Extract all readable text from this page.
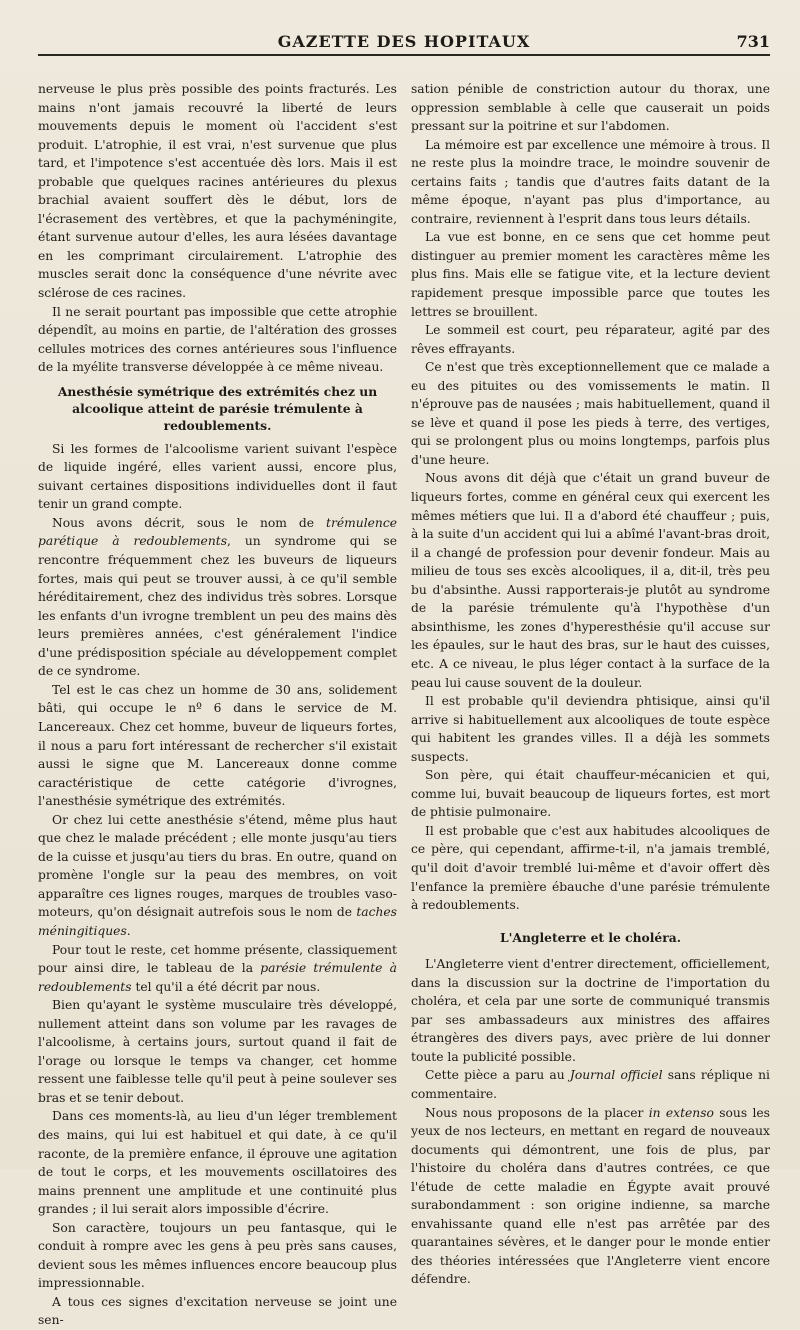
GAZETTE DES HOPITAUX	731

nerveuse le plus près possible des points fracturés. Les mains n'ont jamais recouvré la liberté de leurs mouvements depuis le moment où l'accident s'est produit. L'atrophie, il est vrai, n'est survenue que plus tard, et l'impotence s'est accentuée dès lors. Mais il est probable que quelques racines antérieures du plexus brachial avaient souffert dès le début, lors de l'écrasement des vertèbres, et que la pachyméningite, étant survenue autour d'elles, les aura lésées davantage en les comprimant circulairement. L'atrophie des muscles serait donc la conséquence d'une névrite avec sclérose de ces racines.

Il ne serait pourtant pas impossible que cette atrophie dépendît, au moins en partie, de l'altération des grosses cellules motrices des cornes antérieures sous l'influence de la myélite transverse développée à ce même niveau.

Anesthésie symétrique des extrémités chez un alcoolique atteint de parésie trémulente à redoublements.

Si les formes de l'alcoolisme varient suivant l'espèce de liquide ingéré, elles varient aussi, encore plus, suivant certaines dispositions individuelles dont il faut tenir un grand compte.

Nous avons décrit, sous le nom de trémulence parétique à redoublements, un syndrome qui se rencontre fréquemment chez les buveurs de liqueurs fortes, mais qui peut se trouver aussi, à ce qu'il semble héréditairement, chez des individus très sobres. Lorsque les enfants d'un ivrogne tremblent un peu des mains dès leurs premières années, c'est généralement l'indice d'une prédisposition spéciale au développement complet de ce syndrome.

Tel est le cas chez un homme de 30 ans, solidement bâti, qui occupe le nº 6 dans le service de M. Lancereaux. Chez cet homme, buveur de liqueurs fortes, il nous a paru fort intéressant de rechercher s'il existait aussi le signe que M. Lancereaux donne comme caractéristique de cette catégorie d'ivrognes, l'anesthésie symétrique des extrémités.

Or chez lui cette anesthésie s'étend, même plus haut que chez le malade précédent ; elle monte jusqu'au tiers de la cuisse et jusqu'au tiers du bras. En outre, quand on promène l'ongle sur la peau des membres, on voit apparaître ces lignes rouges, marques de troubles vaso-moteurs, qu'on désignait autrefois sous le nom de taches méningitiques.

Pour tout le reste, cet homme présente, classiquement pour ainsi dire, le tableau de la parésie trémulente à redoublements tel qu'il a été décrit par nous.

Bien qu'ayant le système musculaire très développé, nullement atteint dans son volume par les ravages de l'alcoolisme, à certains jours, surtout quand il fait de l'orage ou lorsque le temps va changer, cet homme ressent une faiblesse telle qu'il peut à peine soulever ses bras et se tenir debout.

Dans ces moments-là, au lieu d'un léger tremblement des mains, qui lui est habituel et qui date, à ce qu'il raconte, de la première enfance, il éprouve une agitation de tout le corps, et les mouvements oscillatoires des mains prennent une amplitude et une continuité plus grandes ; il lui serait alors impossible d'écrire.

Son caractère, toujours un peu fantasque, qui le conduit à rompre avec les gens à peu près sans causes, devient sous les mêmes influences encore beaucoup plus impressionnable.

A tous ces signes d'excitation nerveuse se joint une sen-

sation pénible de constriction autour du thorax, une oppression semblable à celle que causerait un poids pressant sur la poitrine et sur l'abdomen.

La mémoire est par excellence une mémoire à trous. Il ne reste plus la moindre trace, le moindre souvenir de certains faits ; tandis que d'autres faits datant de la même époque, n'ayant pas plus d'importance, au contraire, reviennent à l'esprit dans tous leurs détails.

La vue est bonne, en ce sens que cet homme peut distinguer au premier moment les caractères même les plus fins. Mais elle se fatigue vite, et la lecture devient rapidement presque impossible parce que toutes les lettres se brouillent.

Le sommeil est court, peu réparateur, agité par des rêves effrayants.

Ce n'est que très exceptionnellement que ce malade a eu des pituites ou des vomissements le matin. Il n'éprouve pas de nausées ; mais habituellement, quand il se lève et quand il pose les pieds à terre, des vertiges, qui se prolongent plus ou moins longtemps, parfois plus d'une heure.

Nous avons dit déjà que c'était un grand buveur de liqueurs fortes, comme en général ceux qui exercent les mêmes métiers que lui. Il a d'abord été chauffeur ; puis, à la suite d'un accident qui lui a abîmé l'avant-bras droit, il a changé de profession pour devenir fondeur. Mais au milieu de tous ses excès alcooliques, il a, dit-il, très peu bu d'absinthe. Aussi rapporterais-je plutôt au syndrome de la parésie trémulente qu'à l'hypothèse d'un absinthisme, les zones d'hyperesthésie qu'il accuse sur les épaules, sur le haut des bras, sur le haut des cuisses, etc. A ce niveau, le plus léger contact à la surface de la peau lui cause souvent de la douleur.

Il est probable qu'il deviendra phtisique, ainsi qu'il arrive si habituellement aux alcooliques de toute espèce qui habitent les grandes villes. Il a déjà les sommets suspects.

Son père, qui était chauffeur-mécanicien et qui, comme lui, buvait beaucoup de liqueurs fortes, est mort de phtisie pulmonaire.

Il est probable que c'est aux habitudes alcooliques de ce père, qui cependant, affirme-t-il, n'a jamais tremblé, qu'il doit d'avoir tremblé lui-même et d'avoir offert dès l'enfance la première ébauche d'une parésie trémulente à redoublements.

L'Angleterre et le choléra.

L'Angleterre vient d'entrer directement, officiellement, dans la discussion sur la doctrine de l'importation du choléra, et cela par une sorte de communiqué transmis par ses ambassadeurs aux ministres des affaires étrangères des divers pays, avec prière de lui donner toute la publicité possible.

Cette pièce a paru au Journal officiel sans réplique ni commentaire.

Nous nous proposons de la placer in extenso sous les yeux de nos lecteurs, en mettant en regard de nouveaux documents qui démontrent, une fois de plus, par l'histoire du choléra dans d'autres contrées, ce que l'étude de cette maladie en Égypte avait prouvé surabondamment : son origine indienne, sa marche envahissante quand elle n'est pas arrêtée par des quarantaines sévères, et le danger pour le monde entier des théories intéressées que l'Angleterre vient encore défendre.
